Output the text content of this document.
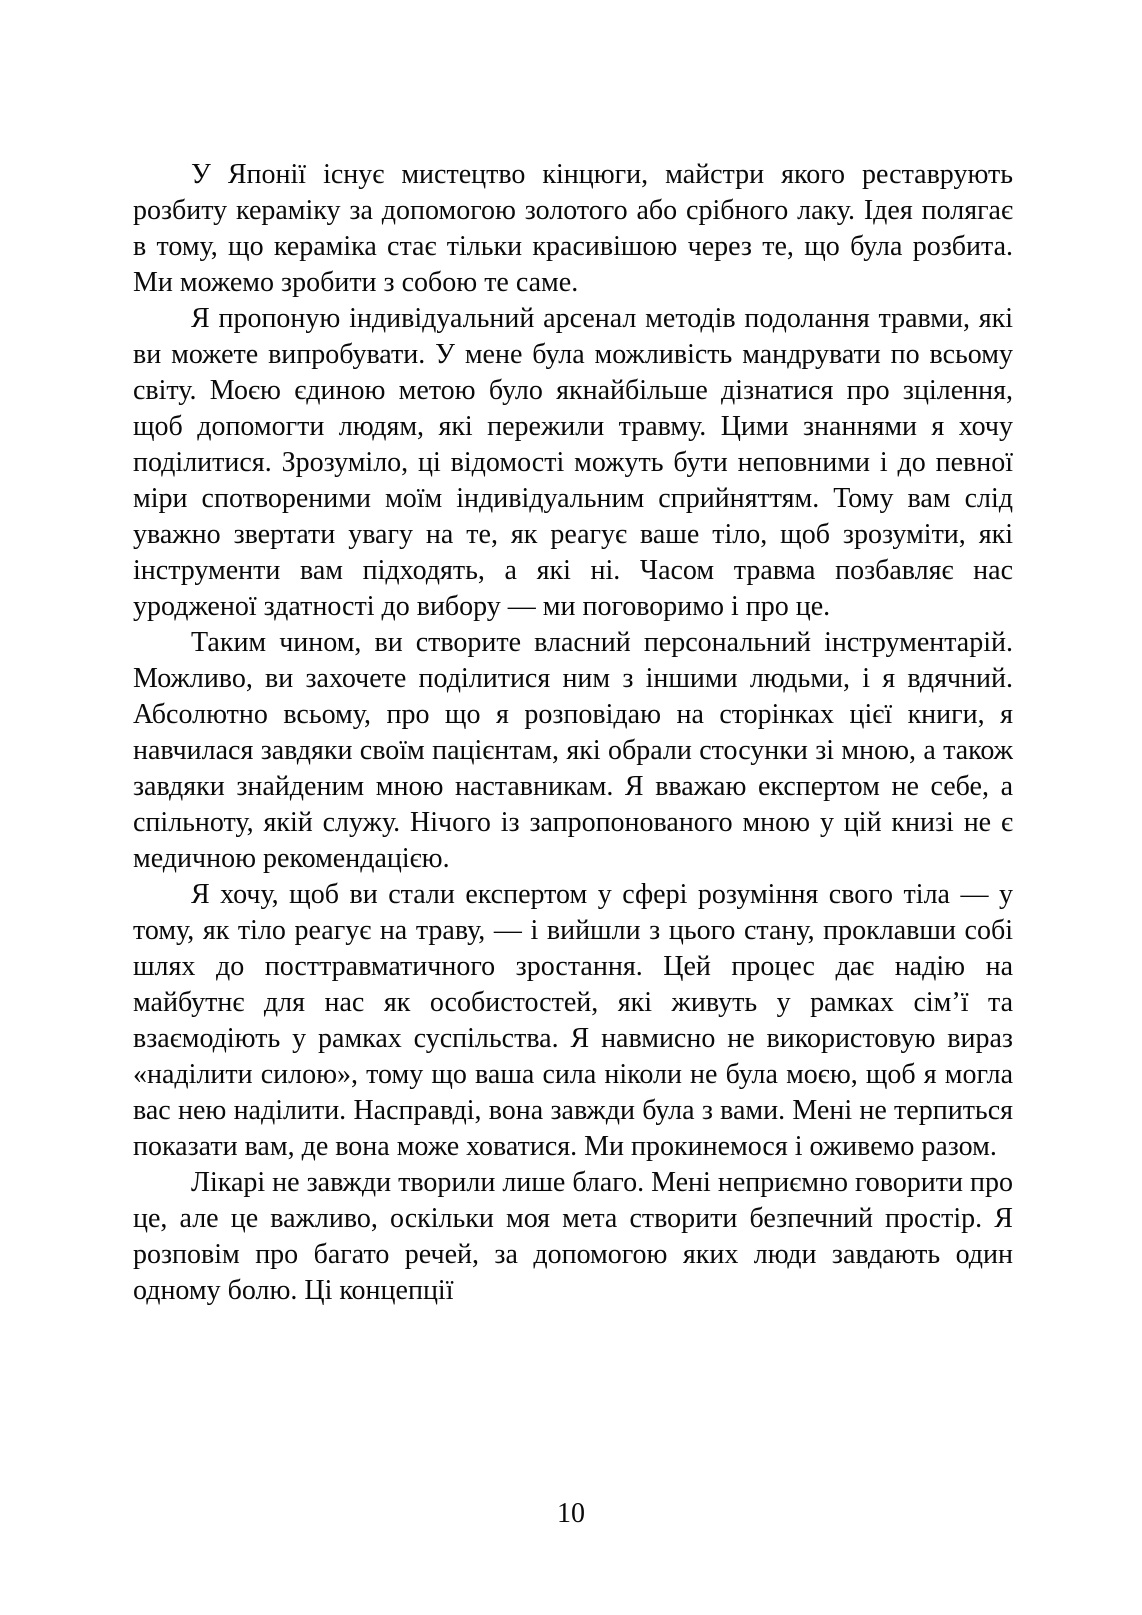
У Японії існує мистецтво кінцюги, майстри якого реставрують розбиту кераміку за допомогою золотого або срібного лаку. Ідея полягає в тому, що кераміка стає тільки красивішою через те, що була розбита. Ми можемо зробити з собою те саме.

Я пропоную індивідуальний арсенал методів подолання травми, які ви можете випробувати. У мене була можливість мандрувати по всьому світу. Моєю єдиною метою було якнайбільше дізнатися про зцілення, щоб допомогти людям, які пережили травму. Цими знаннями я хочу поділитися. Зрозуміло, ці відомості можуть бути неповними і до певної міри спотвореними моїм індивідуальним сприйняттям. Тому вам слід уважно звертати увагу на те, як реагує ваше тіло, щоб зрозуміти, які інструменти вам підходять, а які ні. Часом травма позбавляє нас уродженої здатності до вибору — ми поговоримо і про це.

Таким чином, ви створите власний персональний інструментарій. Можливо, ви захочете поділитися ним з іншими людьми, і я вдячний. Абсолютно всьому, про що я розповідаю на сторінках цієї книги, я навчилася завдяки своїм пацієнтам, які обрали стосунки зі мною, а також завдяки знайденим мною наставникам. Я вважаю експертом не себе, а спільноту, якій служу. Нічого із запропонованого мною у цій книзі не є медичною рекомендацією.

Я хочу, щоб ви стали експертом у сфері розуміння свого тіла — у тому, як тіло реагує на траву, — і вийшли з цього стану, проклавши собі шлях до посттравматичного зростання. Цей процес дає надію на майбутнє для нас як особистостей, які живуть у рамках сім’ї та взаємодіють у рамках суспільства. Я навмисно не використовую вираз «наділити силою», тому що ваша сила ніколи не була моєю, щоб я могла вас нею наділити. Насправді, вона завжди була з вами. Мені не терпиться показати вам, де вона може ховатися. Ми прокинемося і оживемо разом.

Лікарі не завжди творили лише благо. Мені неприємно говорити про це, але це важливо, оскільки моя мета створити безпечний простір. Я розповім про багато речей, за допомогою яких люди завдають один одному болю. Ці концепції

10
